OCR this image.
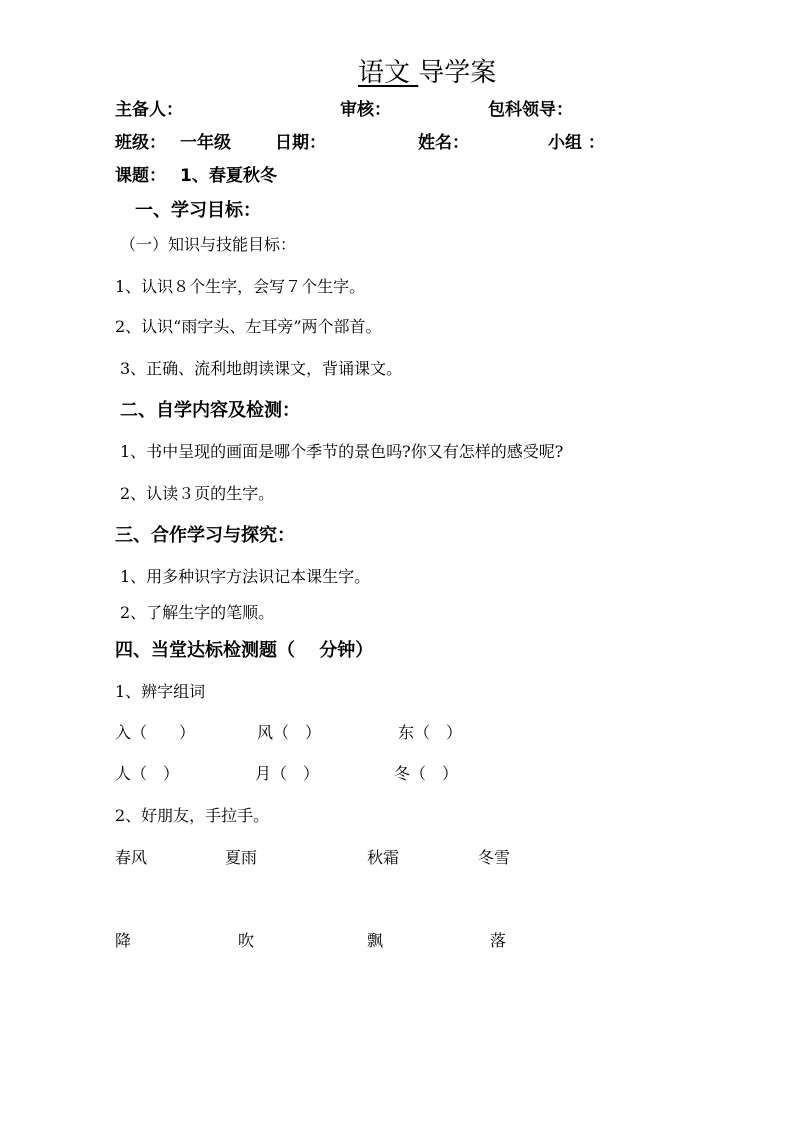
语文 导学案
主备人：	审核：	包科领导：
班级： 一年级	日期：	姓名：	小组 ：
课题： 1、春夏秋冬
一、学习目标：
（一）知识与技能目标：
1、认识８个生字，会写７个生字。
2、认识“雨字头、左耳旁”两个部首。
3、正确、流利地朗读课文，背诵课文。
二、自学内容及检测：
1、书中呈现的画面是哪个季节的景色吗?你又有怎样的感受呢?
2、认读３页的生字。
三、合作学习与探究：
1、用多种识字方法识记本课生字。
2、了解生字的笔顺。
四、当堂达标检测题（　 分钟）
1、辨字组词
入（　　）	风（　）	东（　）
人（　）	月（　）	冬（　）
2、好朋友，手拉手。
春风	夏雨	秋霜	冬雪
降	吹	飘	落
